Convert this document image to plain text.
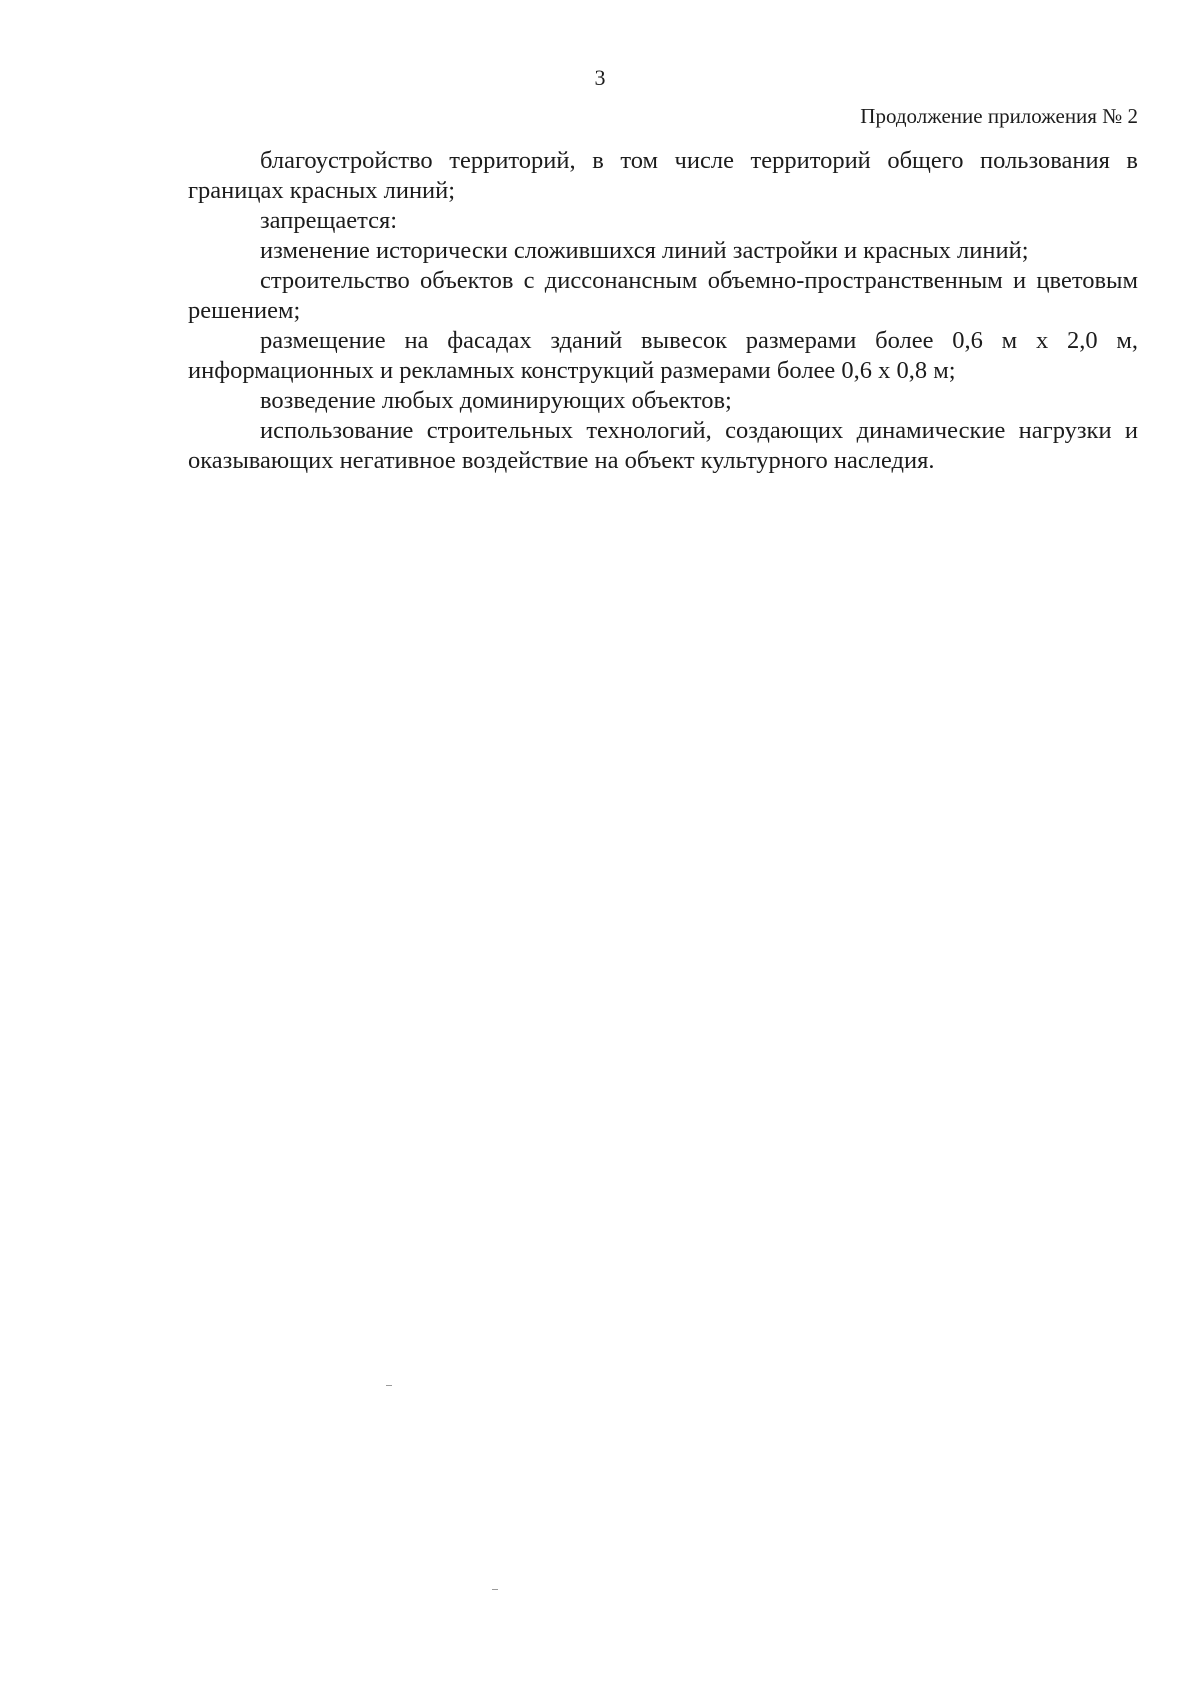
3
Продолжение приложения № 2

благоустройство территорий, в том числе территорий общего пользования в границах красных линий;

запрещается:

изменение исторически сложившихся линий застройки и красных линий;

строительство объектов с диссонансным объемно-пространственным и цветовым решением;

размещение на фасадах зданий вывесок размерами более 0,6 м х 2,0 м, информационных и рекламных конструкций размерами более 0,6 х 0,8 м;

возведение любых доминирующих объектов;

использование строительных технологий, создающих динамические нагрузки и оказывающих негативное воздействие на объект культурного наследия.
